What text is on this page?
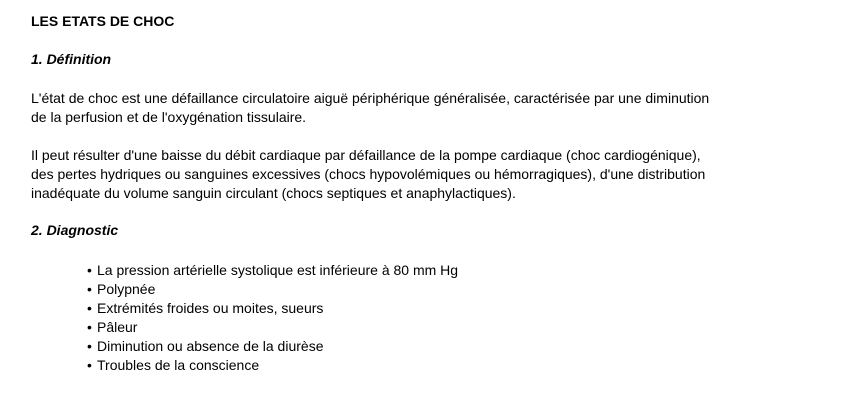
LES ETATS DE CHOC
1. Définition

L'état de choc est une défaillance circulatoire aiguë périphérique généralisée, caractérisée par une diminution
de la perfusion et de l'oxygénation tissulaire.

Il peut résulter d'une baisse du débit cardiaque par défaillance de la pompe cardiaque (choc cardiogénique),
des pertes hydriques ou sanguines excessives (chocs hypovolémiques ou hémorragiques), d'une distribution
inadéquate du volume sanguin circulant (chocs septiques et anaphylactiques).

2. Diagnostic
• La pression artérielle systolique est inférieure à 80 mm Hg
• Polypnée
• Extrémités froides ou moites, sueurs
• Pâleur
• Diminution ou absence de la diurèse
• Troubles de la conscience
